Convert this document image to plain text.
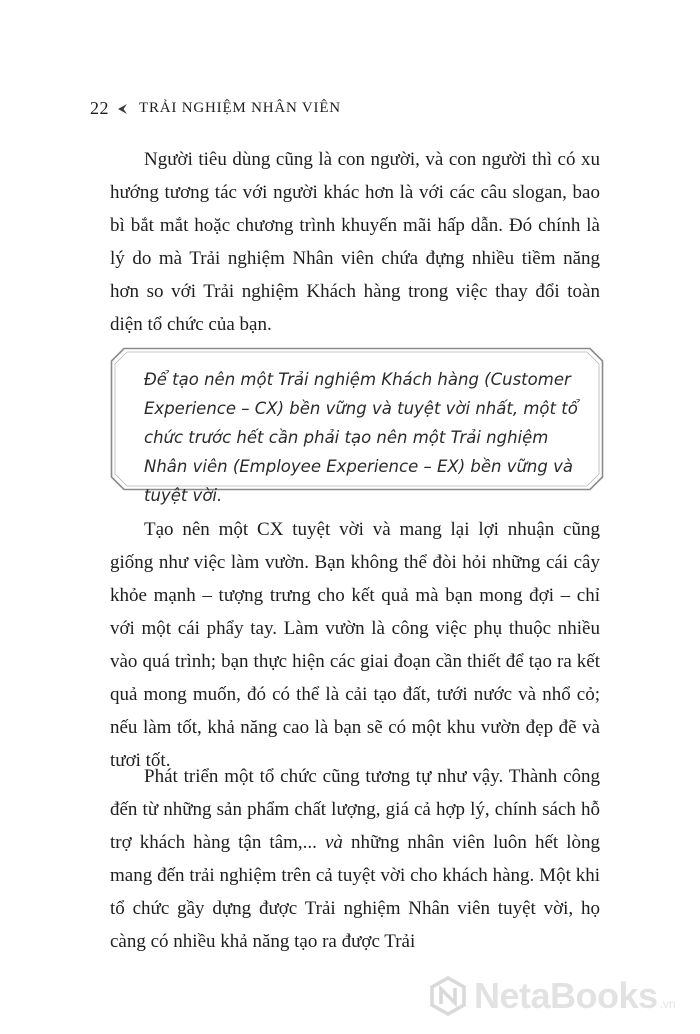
22 TRẢI NGHIỆM NHÂN VIÊN

Người tiêu dùng cũng là con người, và con người thì có xu hướng tương tác với người khác hơn là với các câu slogan, bao bì bắt mắt hoặc chương trình khuyến mãi hấp dẫn. Đó chính là lý do mà Trải nghiệm Nhân viên chứa đựng nhiều tiềm năng hơn so với Trải nghiệm Khách hàng trong việc thay đổi toàn diện tổ chức của bạn.

Để tạo nên một Trải nghiệm Khách hàng (Customer Experience – CX) bền vững và tuyệt vời nhất, một tổ chức trước hết cần phải tạo nên một Trải nghiệm Nhân viên (Employee Experience – EX) bền vững và tuyệt vời.

Tạo nên một CX tuyệt vời và mang lại lợi nhuận cũng giống như việc làm vườn. Bạn không thể đòi hỏi những cái cây khỏe mạnh – tượng trưng cho kết quả mà bạn mong đợi – chỉ với một cái phẩy tay. Làm vườn là công việc phụ thuộc nhiều vào quá trình; bạn thực hiện các giai đoạn cần thiết để tạo ra kết quả mong muốn, đó có thể là cải tạo đất, tưới nước và nhổ cỏ; nếu làm tốt, khả năng cao là bạn sẽ có một khu vườn đẹp đẽ và tươi tốt.

Phát triển một tổ chức cũng tương tự như vậy. Thành công đến từ những sản phẩm chất lượng, giá cả hợp lý, chính sách hỗ trợ khách hàng tận tâm,... và những nhân viên luôn hết lòng mang đến trải nghiệm trên cả tuyệt vời cho khách hàng. Một khi tổ chức gầy dựng được Trải nghiệm Nhân viên tuyệt vời, họ càng có nhiều khả năng tạo ra được Trải

NetaBooks .vn
